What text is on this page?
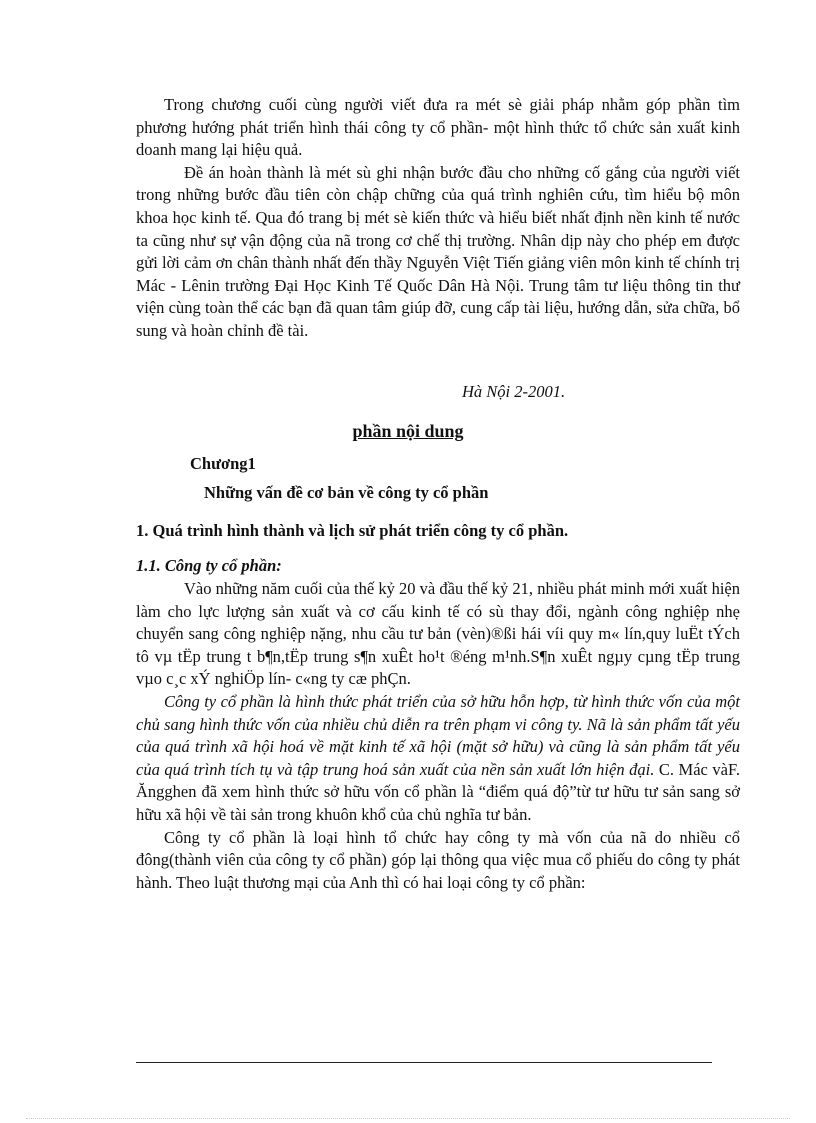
Trong chương cuối cùng người viết đưa ra mét sè giải pháp nhằm góp phần tìm phương hướng phát triển hình thái công ty cổ phần- một hình thức tổ chức sản xuất kinh doanh mang lại hiệu quả.

Đề án hoàn thành là mét sù ghi nhận bước đầu cho những cố gắng của người viết trong những bước đầu tiên còn chập chững của quá trình nghiên cứu, tìm hiểu bộ môn khoa học kinh tế. Qua đó trang bị mét sè kiến thức và hiểu biết nhất định nền kinh tế nước ta cũng như sự vận động của nã trong cơ chế thị trường. Nhân dịp này cho phép em được gửi lời cảm ơn chân thành nhất đến thầy Nguyễn Việt Tiến giảng viên môn kinh tế chính trị Mác - Lênin trường Đại Học Kinh Tế Quốc Dân Hà Nội. Trung tâm tư liệu thông tin thư viện cùng toàn thể các bạn đã quan tâm giúp đỡ, cung cấp tài liệu, hướng dẫn, sửa chữa, bổ sung và hoàn chỉnh đề tài.

Hà Nội 2-2001.
phần nội dung
Chương1
Những vấn đề cơ bản về công ty cổ phần
1. Quá trình hình thành và lịch sử phát triển công ty cổ phần.
1.1. Công ty cổ phần:

Vào những năm cuối của thế kỷ 20 và đầu thế kỷ 21, nhiều phát minh mới xuất hiện làm cho lực lượng sản xuất và cơ cấu kinh tế có sù thay đổi, ngành công nghiệp nhẹ chuyển sang công nghiệp nặng, nhu cầu tư bản (vèn)®ßi hái víi quy m« lín,quy luËt tÝch tô vµ tËp trung t b¶n,tËp trung s¶n xuÊt ho¹t ®éng m¹nh.S¶n xuÊt ngµy cµng tËp trung vµo c¸c xÝ nghiÖp lín- c«ng ty cæ phÇn.

Công ty cổ phần là hình thức phát triển của sở hữu hỗn hợp, từ hình thức vốn của một chủ sang hình thức vốn của nhiều chủ diễn ra trên phạm vi công ty. Nã là sản phẩm tất yếu của quá trình xã hội hoá về mặt kinh tế xã hội (mặt sở hữu) và cũng là sản phẩm tất yếu của quá trình tích tụ và tập trung hoá sản xuất của nền sản xuất lớn hiện đại. C. Mác vàF. Ăngghen đã xem hình thức sở hữu vốn cổ phần là “điểm quá độ”từ tư hữu tư sản sang sở hữu xã hội về tài sản trong khuôn khổ của chủ nghĩa tư bản.

Công ty cổ phần là loại hình tổ chức hay công ty mà vốn của nã do nhiều cổ đông(thành viên của công ty cổ phần) góp lại thông qua việc mua cổ phiếu do công ty phát hành. Theo luật thương mại của Anh thì có hai loại công ty cổ phần:
